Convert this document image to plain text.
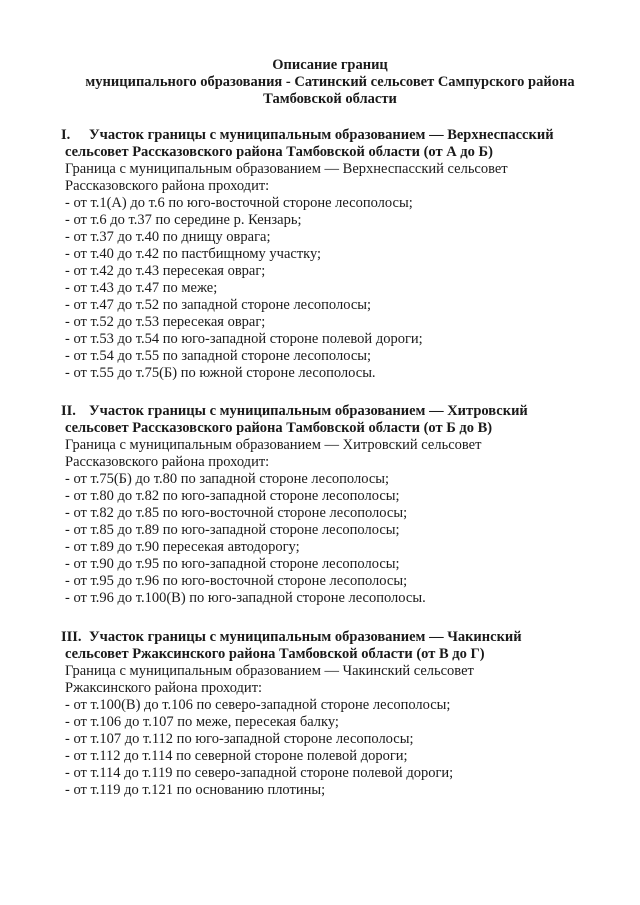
Описание границ
муниципального образования - Сатинский сельсовет Сампурского района
Тамбовской области

I. Участок границы с муниципальным образованием — Верхнеспасский

сельсовет Рассказовского района Тамбовской области (от А до Б)

Граница с муниципальным образованием — Верхнеспасский сельсовет

Рассказовского района проходит:

- от т.1(А) до т.6 по юго-восточной стороне лесополосы;

- от т.6 до т.37 по середине р. Кензарь;

- от т.37 до т.40 по днищу оврага;

- от т.40 до т.42 по пастбищному участку;

- от т.42 до т.43 пересекая овраг;

- от т.43 до т.47 по меже;

- от т.47 до т.52 по западной стороне лесополосы;

- от т.52 до т.53 пересекая овраг;

- от т.53 до т.54 по юго-западной стороне полевой дороги;

- от т.54 до т.55 по западной стороне лесополосы;

- от т.55 до т.75(Б) по южной стороне лесополосы.

II. Участок границы с муниципальным образованием — Хитровский

сельсовет Рассказовского района Тамбовской области (от Б до В)

Граница с муниципальным образованием — Хитровский сельсовет

Рассказовского района проходит:

- от т.75(Б) до т.80 по западной стороне лесополосы;

- от т.80 до т.82 по юго-западной стороне лесополосы;

- от т.82 до т.85 по юго-восточной стороне лесополосы;

- от т.85 до т.89 по юго-западной стороне лесополосы;

- от т.89 до т.90 пересекая автодорогу;

- от т.90 до т.95 по юго-западной стороне лесополосы;

- от т.95 до т.96 по юго-восточной стороне лесополосы;

- от т.96 до т.100(В) по юго-западной стороне лесополосы.

III. Участок границы с муниципальным образованием — Чакинский

сельсовет Ржаксинского района Тамбовской области (от В до Г)

Граница с муниципальным образованием — Чакинский сельсовет

Ржаксинского района проходит:

- от т.100(В) до т.106 по северо-западной стороне лесополосы;

- от т.106 до т.107 по меже, пересекая балку;

- от т.107 до т.112 по юго-западной стороне лесополосы;

- от т.112 до т.114 по северной стороне полевой дороги;

- от т.114 до т.119 по северо-западной стороне полевой дороги;

- от т.119 до т.121 по основанию плотины;
